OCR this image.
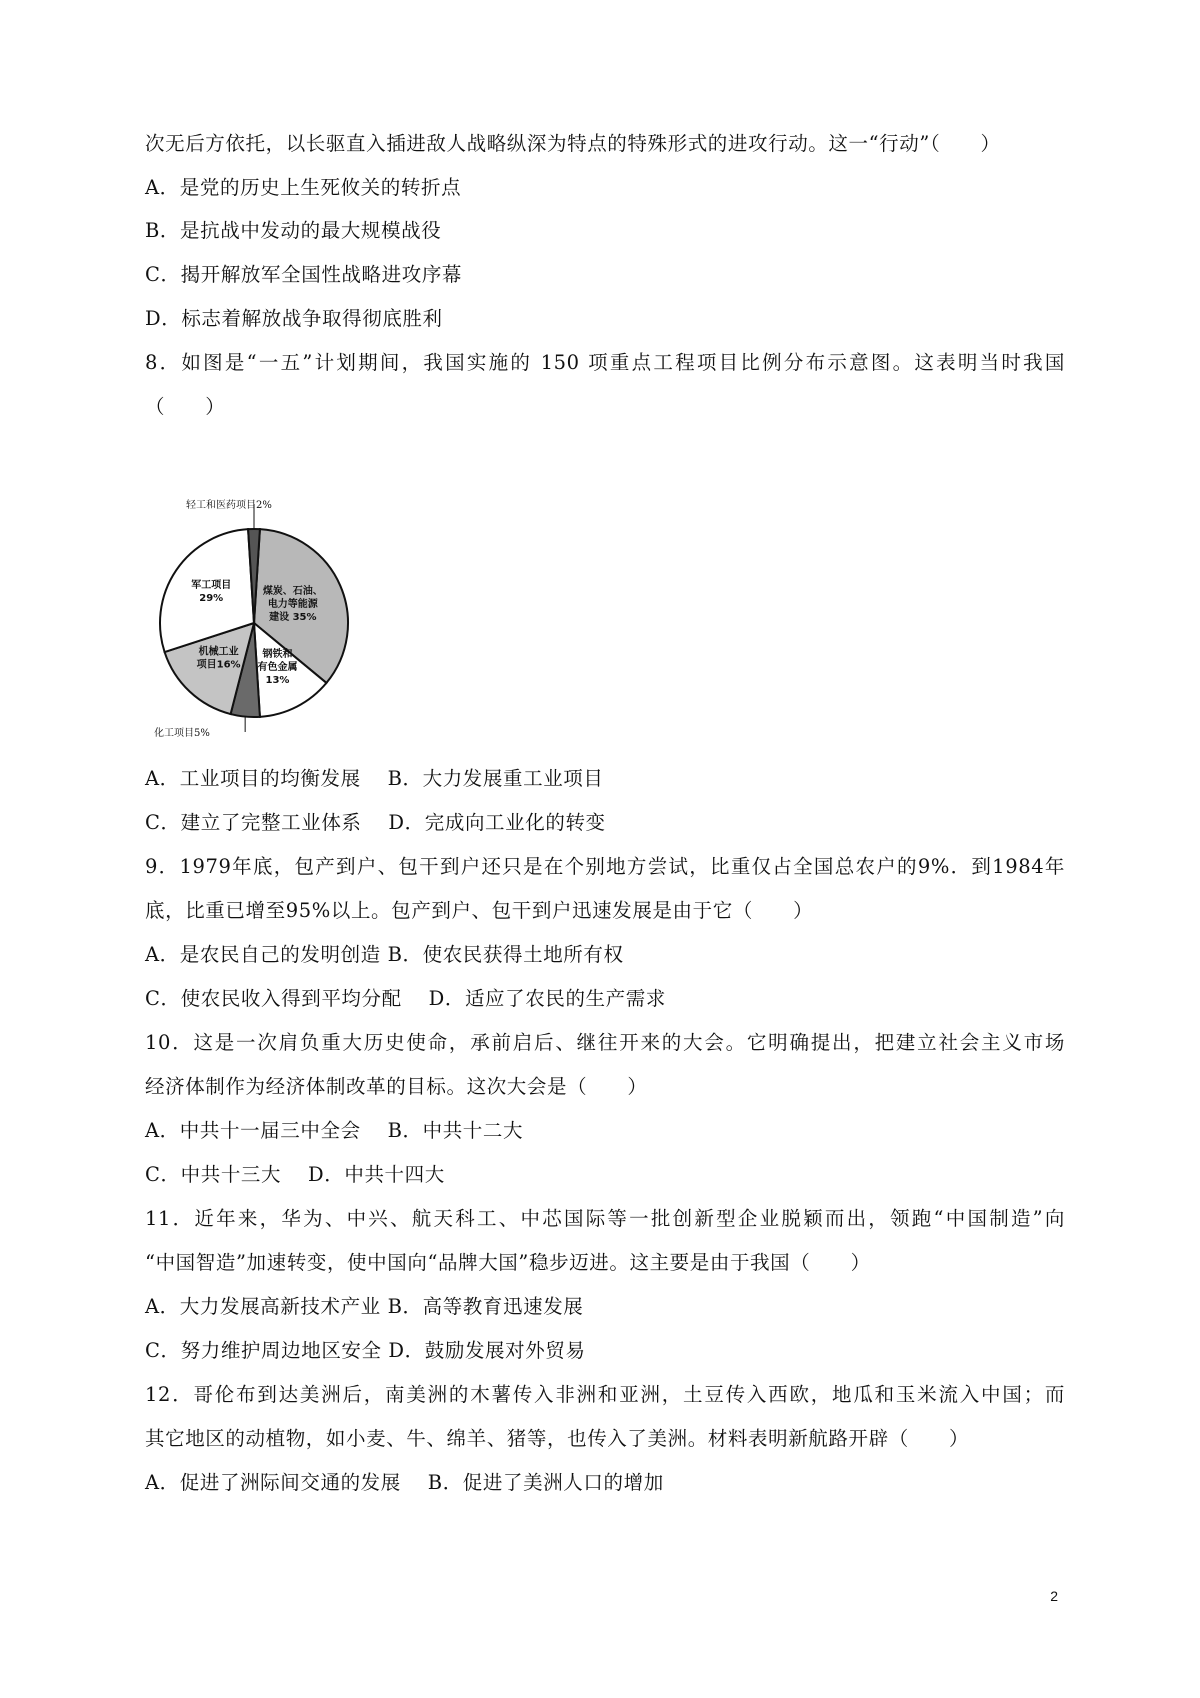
次无后方依托，以长驱直入插进敌人战略纵深为特点的特殊形式的进攻行动。这一“行动”（　　）
A．是党的历史上生死攸关的转折点
B．是抗战中发动的最大规模战役
C．揭开解放军全国性战略进攻序幕
D．标志着解放战争取得彻底胜利
8．如图是“一五”计划期间，我国实施的 150 项重点工程项目比例分布示意图。这表明当时我国
（　　）
煤炭、石油、电力等能源建设 35%
钢铁和有色金属 13%
化工项目5%
机械工业项目16%
军工项目 29%
轻工和医药项目2%
A．工业项目的均衡发展　 B．大力发展重工业项目
C．建立了完整工业体系　 D．完成向工业化的转变
9．1979年底，包产到户、包干到户还只是在个别地方尝试，比重仅占全国总农户的9%．到1984年
底，比重已增至95%以上。包产到户、包干到户迅速发展是由于它（　　）
A．是农民自己的发明创造 B．使农民获得土地所有权
C．使农民收入得到平均分配　 D．适应了农民的生产需求
10．这是一次肩负重大历史使命，承前启后、继往开来的大会。它明确提出，把建立社会主义市场
经济体制作为经济体制改革的目标。这次大会是（　　）
A．中共十一届三中全会　 B．中共十二大
C．中共十三大　 D．中共十四大
11．近年来，华为、中兴、航天科工、中芯国际等一批创新型企业脱颖而出，领跑“中国制造”向
“中国智造”加速转变，使中国向“品牌大国”稳步迈进。这主要是由于我国（　　）
A．大力发展高新技术产业 B．高等教育迅速发展
C．努力维护周边地区安全 D．鼓励发展对外贸易
12．哥伦布到达美洲后，南美洲的木薯传入非洲和亚洲，土豆传入西欧，地瓜和玉米流入中国；而
其它地区的动植物，如小麦、牛、绵羊、猪等，也传入了美洲。材料表明新航路开辟（　　）
A．促进了洲际间交通的发展　 B．促进了美洲人口的增加
2
